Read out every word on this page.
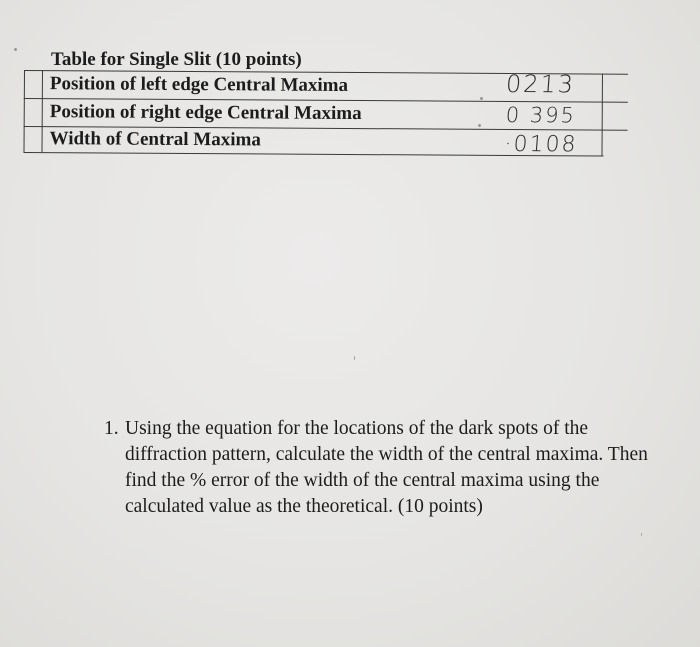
Table for Single Slit (10 points)
Position of left edge Central Maxima	0213
Position of right edge Central Maxima	0 395
Width of Central Maxima	·0108
1. Using the equation for the locations of the dark spots of the diffraction pattern, calculate the width of the central maxima. Then find the % error of the width of the central maxima using the calculated value as the theoretical. (10 points)
